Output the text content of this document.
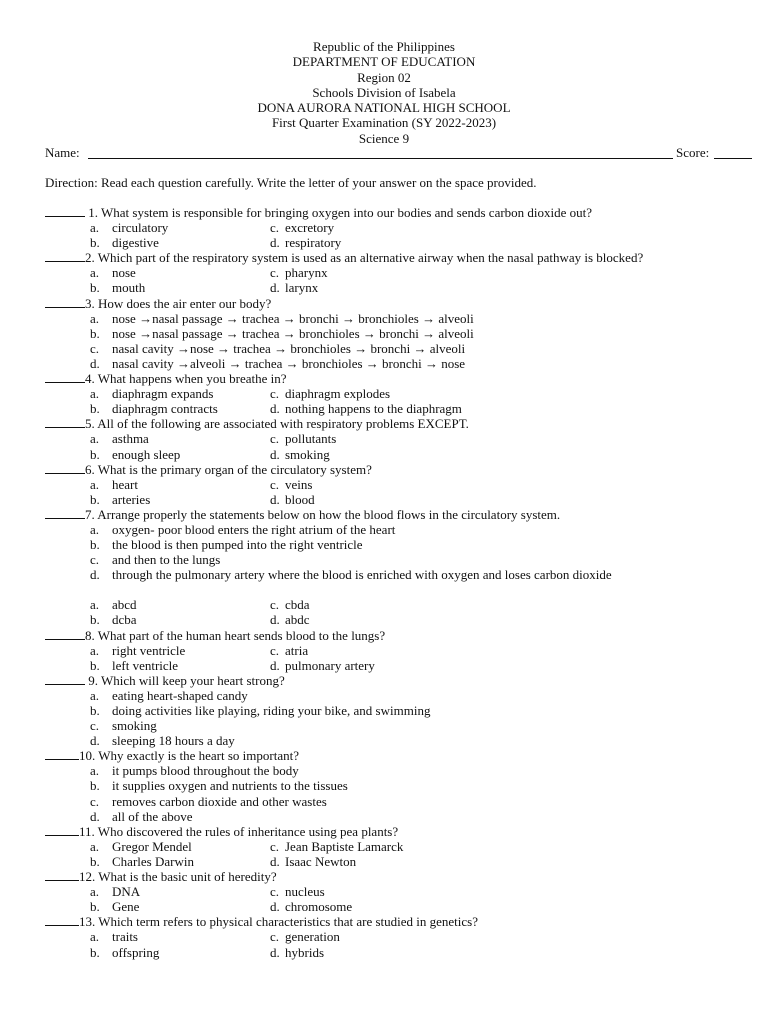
Republic of the Philippines
DEPARTMENT OF EDUCATION
Region 02
Schools Division of Isabela
DONA AURORA NATIONAL HIGH SCHOOL
First Quarter Examination (SY 2022-2023)
Science 9
Name:	Score:
Direction: Read each question carefully. Write the letter of your answer on the space provided.
1. What system is responsible for bringing oxygen into our bodies and sends carbon dioxide out?
a. circulatory	c. excretory
b. digestive	d. respiratory
2. Which part of the respiratory system is used as an alternative airway when the nasal pathway is blocked?
a. nose	c. pharynx
b. mouth	d. larynx
3. How does the air enter our body?
a. nose →nasal passage → trachea → bronchi → bronchioles → alveoli
b. nose →nasal passage → trachea → bronchioles → bronchi → alveoli
c. nasal cavity →nose → trachea → bronchioles → bronchi → alveoli
d. nasal cavity →alveoli → trachea → bronchioles → bronchi → nose
4. What happens when you breathe in?
a. diaphragm expands	c. diaphragm explodes
b. diaphragm contracts	d. nothing happens to the diaphragm
5. All of the following are associated with respiratory problems EXCEPT.
a. asthma	c. pollutants
b. enough sleep	d. smoking
6. What is the primary organ of the circulatory system?
a. heart	c. veins
b. arteries	d. blood
7. Arrange properly the statements below on how the blood flows in the circulatory system.
a. oxygen- poor blood enters the right atrium of the heart
b. the blood is then pumped into the right ventricle
c. and then to the lungs
d. through the pulmonary artery where the blood is enriched with oxygen and loses carbon dioxide
a. abcd	c. cbda
b. dcba	d. abdc
8. What part of the human heart sends blood to the lungs?
a. right ventricle	c. atria
b. left ventricle	d. pulmonary artery
9. Which will keep your heart strong?
a. eating heart-shaped candy
b. doing activities like playing, riding your bike, and swimming
c. smoking
d. sleeping 18 hours a day
10. Why exactly is the heart so important?
a. it pumps blood throughout the body
b. it supplies oxygen and nutrients to the tissues
c. removes carbon dioxide and other wastes
d. all of the above
11. Who discovered the rules of inheritance using pea plants?
a. Gregor Mendel	c. Jean Baptiste Lamarck
b. Charles Darwin	d. Isaac Newton
12. What is the basic unit of heredity?
a. DNA	c. nucleus
b. Gene	d. chromosome
13. Which term refers to physical characteristics that are studied in genetics?
a. traits	c. generation
b. offspring	d. hybrids
